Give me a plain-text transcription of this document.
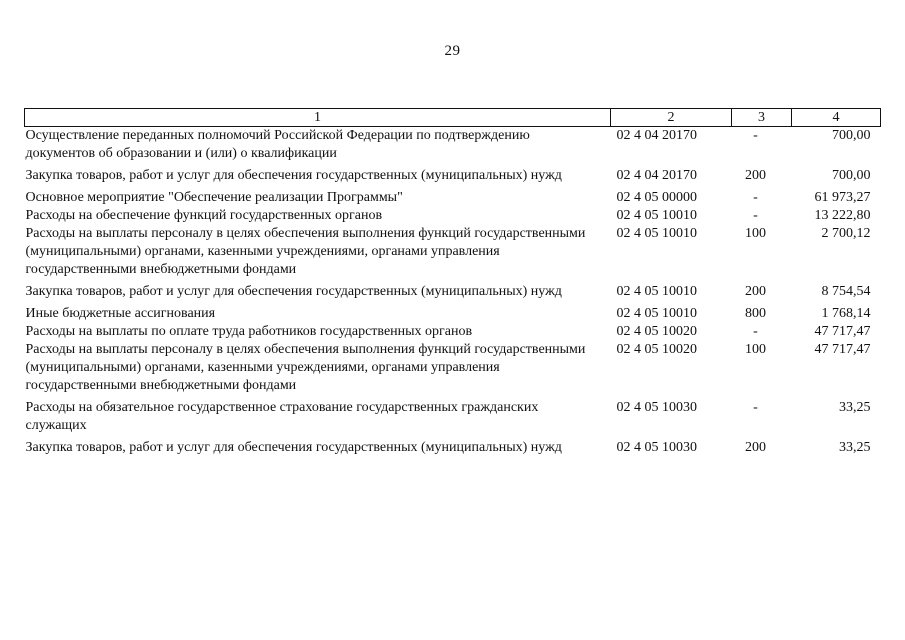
29
1	2	3	4
Осуществление переданных полномочий Российской Федерации по подтверждению документов об образовании и (или) о квалификации	02 4 04 20170	-	700,00
Закупка товаров, работ и услуг для обеспечения государственных (муниципальных) нужд	02 4 04 20170	200	700,00
Основное мероприятие "Обеспечение реализации Программы"	02 4 05 00000	-	61 973,27
Расходы на обеспечение функций государственных органов	02 4 05 10010	-	13 222,80
Расходы на выплаты персоналу в целях обеспечения выполнения функций государственными (муниципальными) органами, казенными учреждениями, органами управления государственными внебюджетными фондами	02 4 05 10010	100	2 700,12
Закупка товаров, работ и услуг для обеспечения государственных (муниципальных) нужд	02 4 05 10010	200	8 754,54
Иные бюджетные ассигнования	02 4 05 10010	800	1 768,14
Расходы на выплаты по оплате труда работников государственных органов	02 4 05 10020	-	47 717,47
Расходы на выплаты персоналу в целях обеспечения выполнения функций государственными (муниципальными) органами, казенными учреждениями, органами управления государственными внебюджетными фондами	02 4 05 10020	100	47 717,47
Расходы на обязательное государственное страхование государственных гражданских служащих	02 4 05 10030	-	33,25
Закупка товаров, работ и услуг для обеспечения государственных (муниципальных) нужд	02 4 05 10030	200	33,25
